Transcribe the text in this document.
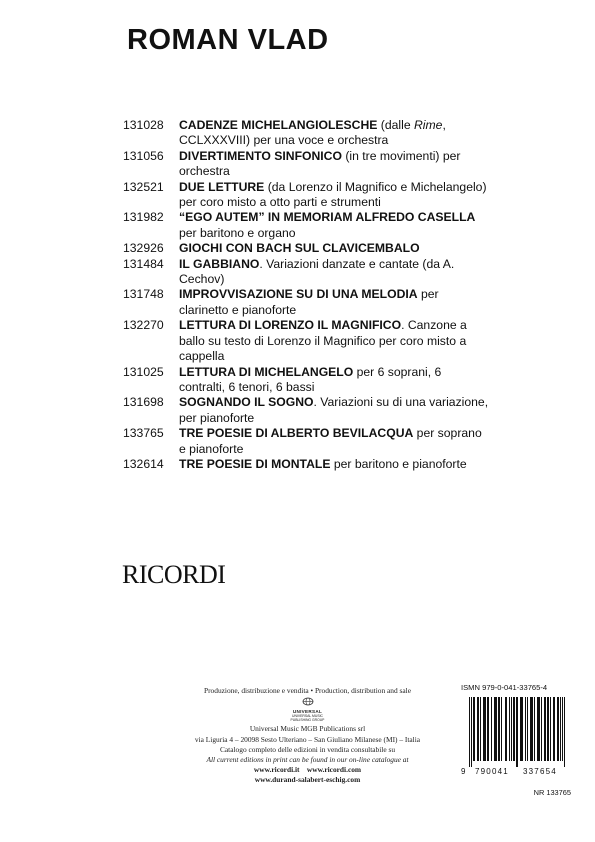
ROMAN VLAD
131028	CADENZE MICHELANGIOLESCHE (dalle Rime, CCLXXXVIII) per una voce e orchestra
131056	DIVERTIMENTO SINFONICO (in tre movimenti) per orchestra
132521	DUE LETTURE (da Lorenzo il Magnifico e Michelangelo) per coro misto a otto parti e strumenti
131982	“EGO AUTEM” IN MEMORIAM ALFREDO CASELLA per baritono e organo
132926	GIOCHI CON BACH SUL CLAVICEMBALO
131484	IL GABBIANO. Variazioni danzate e cantate (da A. Cechov)
131748	IMPROVVISAZIONE SU DI UNA MELODIA per clarinetto e pianoforte
132270	LETTURA DI LORENZO IL MAGNIFICO. Canzone a ballo su testo di Lorenzo il Magnifico per coro misto a cappella
131025	LETTURA DI MICHELANGELO per 6 soprani, 6 contralti, 6 tenori, 6 bassi
131698	SOGNANDO IL SOGNO. Variazioni su di una variazione, per pianoforte
133765	TRE POESIE DI ALBERTO BEVILACQUA per soprano e pianoforte
132614	TRE POESIE DI MONTALE per baritono e pianoforte
RICORDI
Produzione, distribuzione e vendita • Production, distribution and sale
UNIVERSAL
UNIVERSAL MUSIC PUBLISHING GROUP
Universal Music MGB Publications srl
via Liguria 4 – 20098 Sesto Ulteriano – San Giuliano Milanese (MI) – Italia
Catalogo completo delle edizioni in vendita consultabile su
All current editions in print can be found in our on-line catalogue at
www.ricordi.it www.ricordi.com
www.durand-salabert-eschig.com
ISMN 979-0-041-33765-4
9 790041 337654
NR 133765
